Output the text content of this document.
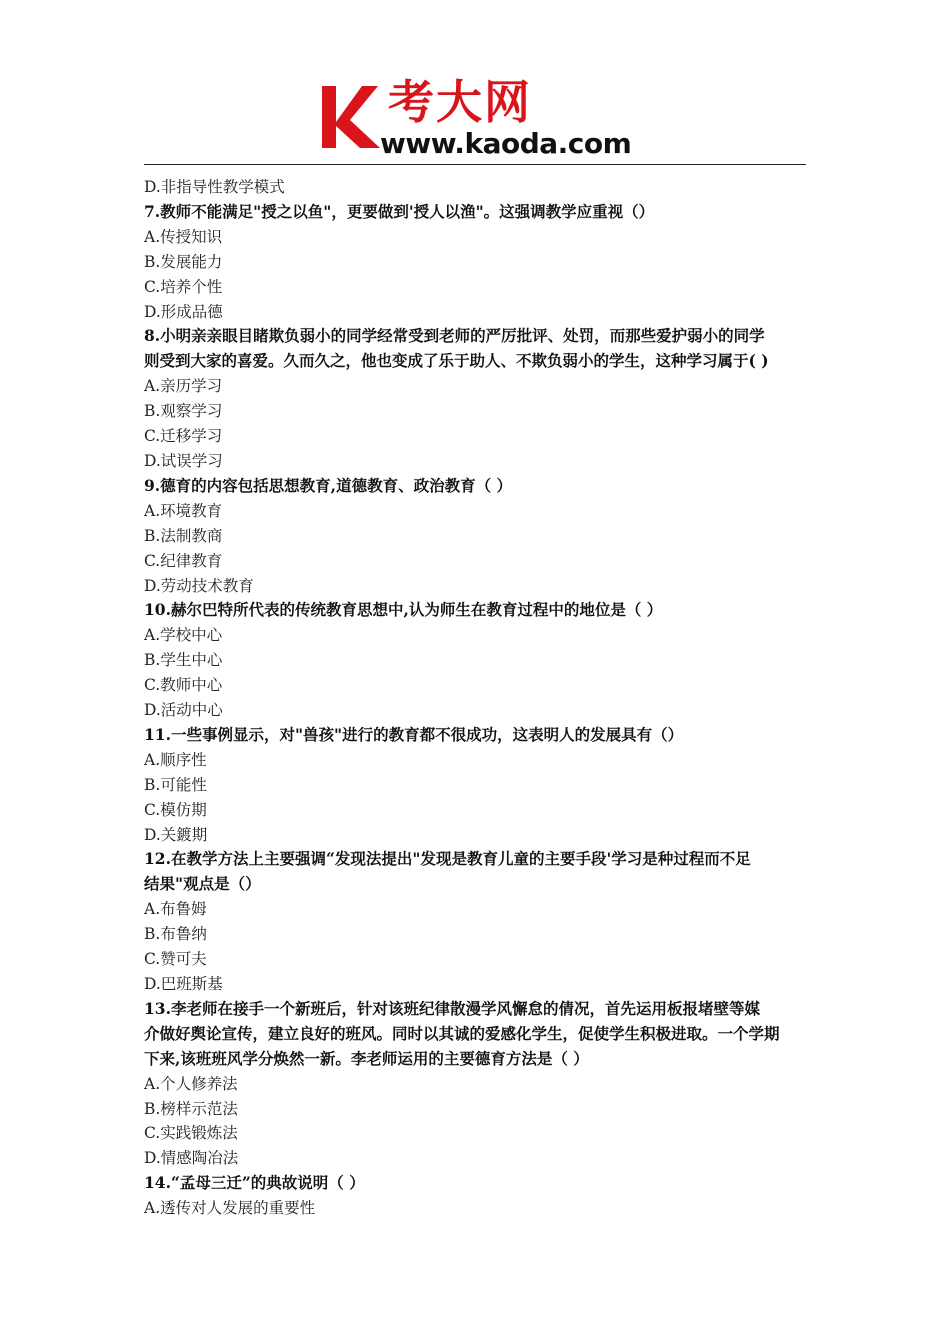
考大网
www.kaoda.com
D.非指导性教学模式
7.教师不能满足"授之以鱼"，更要做到'授人以渔"。这强调教学应重视（）
A.传授知识
B.发展能力
C.培养个性
D.形成品德
8.小明亲亲眼目睹欺负弱小的同学经常受到老师的严厉批评、处罚，而那些爱护弱小的同学
则受到大家的喜爱。久而久之，他也变成了乐于助人、不欺负弱小的学生，这种学习属于( )
A.亲历学习
B.观察学习
C.迁移学习
D.试误学习
9.德育的内容包括思想教育,道德教育、政治教育（ ）
A.环境教育
B.法制教商
C.纪律教育
D.劳动技术教育
10.赫尔巴特所代表的传统教育思想中,认为师生在教育过程中的地位是（ ）
A.学校中心
B.学生中心
C.教师中心
D.活动中心
11.一些事例显示，对"兽孩"进行的教育都不很成功，这表明人的发展具有（）
A.顺序性
B.可能性
C.模仿期
D.关鍍期
12.在教学方法上主要强调“发现法提出"发现是教育儿童的主要手段'学习是种过程而不足
结果"观点是（）
A.布鲁姆
B.布鲁纳
C.赞可夫
D.巴班斯基
13.李老师在接手一个新班后，针对该班纪律散漫学风懈怠的倩况，首先运用板报堵壁等媒
介做好舆论宣传，建立良好的班风。同时以其诚的爱感化学生，促使学生积极进取。一个学期
下来,该班班风学分焕然一新。李老师运用的主要德育方法是（ ）
A.个人修养法
B.榜样示范法
C.实践锻炼法
D.情感陶冶法
14.“孟母三迁”的典故说明（ ）
A.透传对人发展的重要性
